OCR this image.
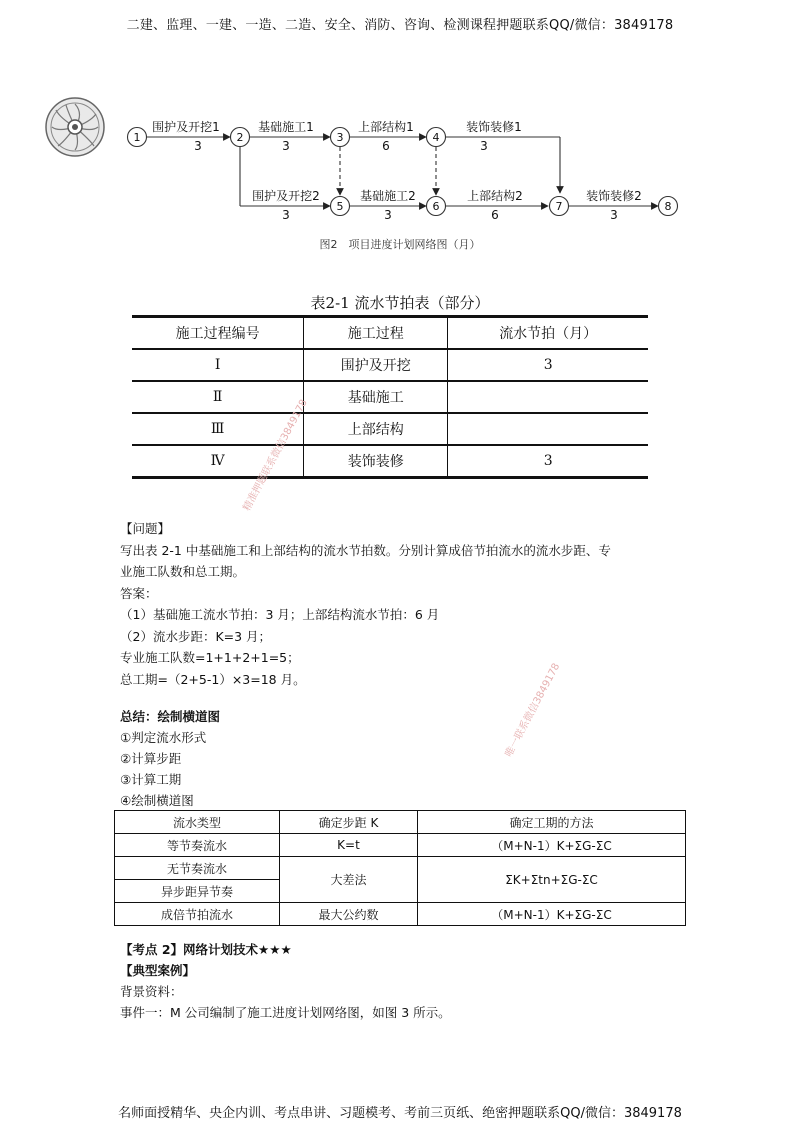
二建、监理、一建、一造、二造、安全、消防、咨询、检测课程押题联系QQ/微信：3849178
1	2	3	4
5	6	7	8
围护及开挖1
3
基础施工1
3
上部结构1
6
装饰装修1
3
围护及开挖2
3
基础施工2
3
上部结构2
6
装饰装修2
3
图2　项目进度计划网络图（月）
表2-1 流水节拍表（部分）
施工过程编号	施工过程	流水节拍（月）
Ⅰ	围护及开挖	3
Ⅱ	基础施工	
Ⅲ	上部结构	
Ⅳ	装饰装修	3
精准押题联系微信3849178
唯一联系微信3849178

【问题】

写出表 2-1 中基础施工和上部结构的流水节拍数。分别计算成倍节拍流水的流水步距、专

业施工队数和总工期。

答案：

（1）基础施工流水节拍：3 月；上部结构流水节拍：6 月

（2）流水步距：K=3 月；

专业施工队数=1+1+2+1=5；

总工期=（2+5-1）×3=18 月。

总结：绘制横道图

①判定流水形式

②计算步距

③计算工期

④绘制横道图

流水类型	确定步距 K	确定工期的方法
等节奏流水	K=t	（M+N-1）K+ΣG-ΣC
无节奏流水	大差法	ΣK+Σtn+ΣG-ΣC
异步距异节奏		
成倍节拍流水	最大公约数	（M+N-1）K+ΣG-ΣC

【考点 2】网络计划技术★★★

【典型案例】

背景资料：

事件一：M 公司编制了施工进度计划网络图，如图 3 所示。

名师面授精华、央企内训、考点串讲、习题模考、考前三页纸、绝密押题联系QQ/微信：3849178
